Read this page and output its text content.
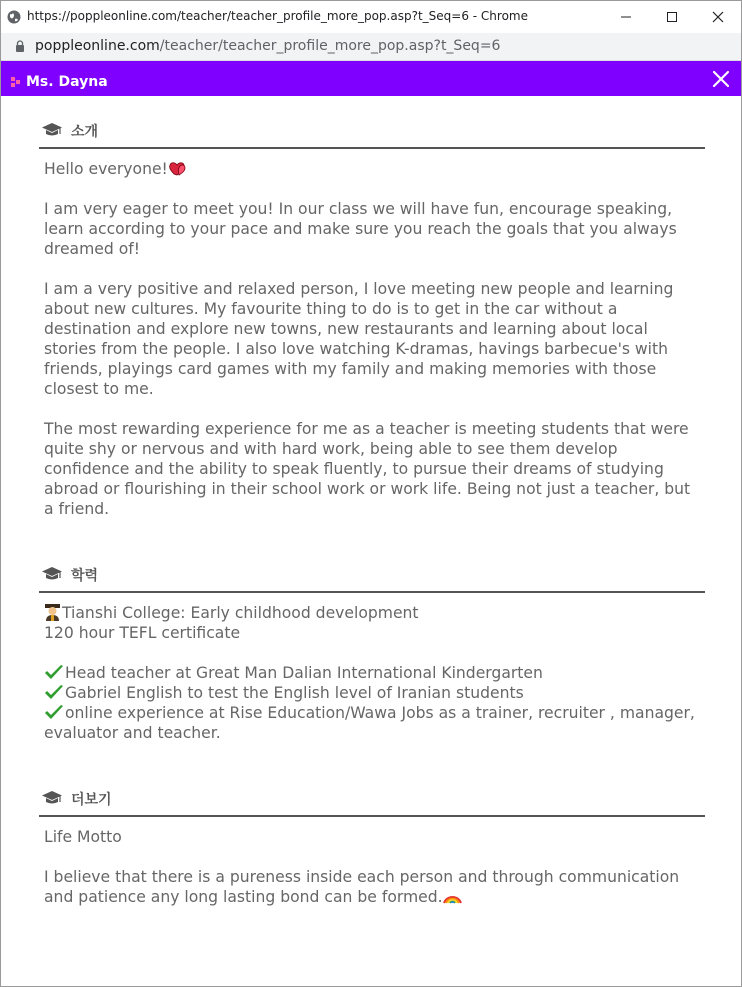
https://poppleonline.com/teacher/teacher_profile_more_pop.asp?t_Seq=6 - Chrome
poppleonline.com/teacher/teacher_profile_more_pop.asp?t_Seq=6
Ms. Dayna
소개

Hello everyone!

I am very eager to meet you! In our class we will have fun, encourage speaking, learn according to your pace and make sure you reach the goals that you always dreamed of!

I am a very positive and relaxed person, I love meeting new people and learning about new cultures. My favourite thing to do is to get in the car without a destination and explore new towns, new restaurants and learning about local stories from the people. I also love watching K-dramas, havings barbecue's with friends, playings card games with my family and making memories with those closest to me.

The most rewarding experience for me as a teacher is meeting students that were quite shy or nervous and with hard work, being able to see them develop confidence and the ability to speak fluently, to pursue their dreams of studying abroad or flourishing in their school work or work life. Being not just a teacher, but a friend.

학력

Tianshi College: Early childhood development

120 hour TEFL certificate

Head teacher at Great Man Dalian International Kindergarten

Gabriel English to test the English level of Iranian students

online experience at Rise Education/Wawa Jobs as a trainer, recruiter , manager, evaluator and teacher.

더보기

Life Motto

I believe that there is a pureness inside each person and through communication and patience any long lasting bond can be formed.
